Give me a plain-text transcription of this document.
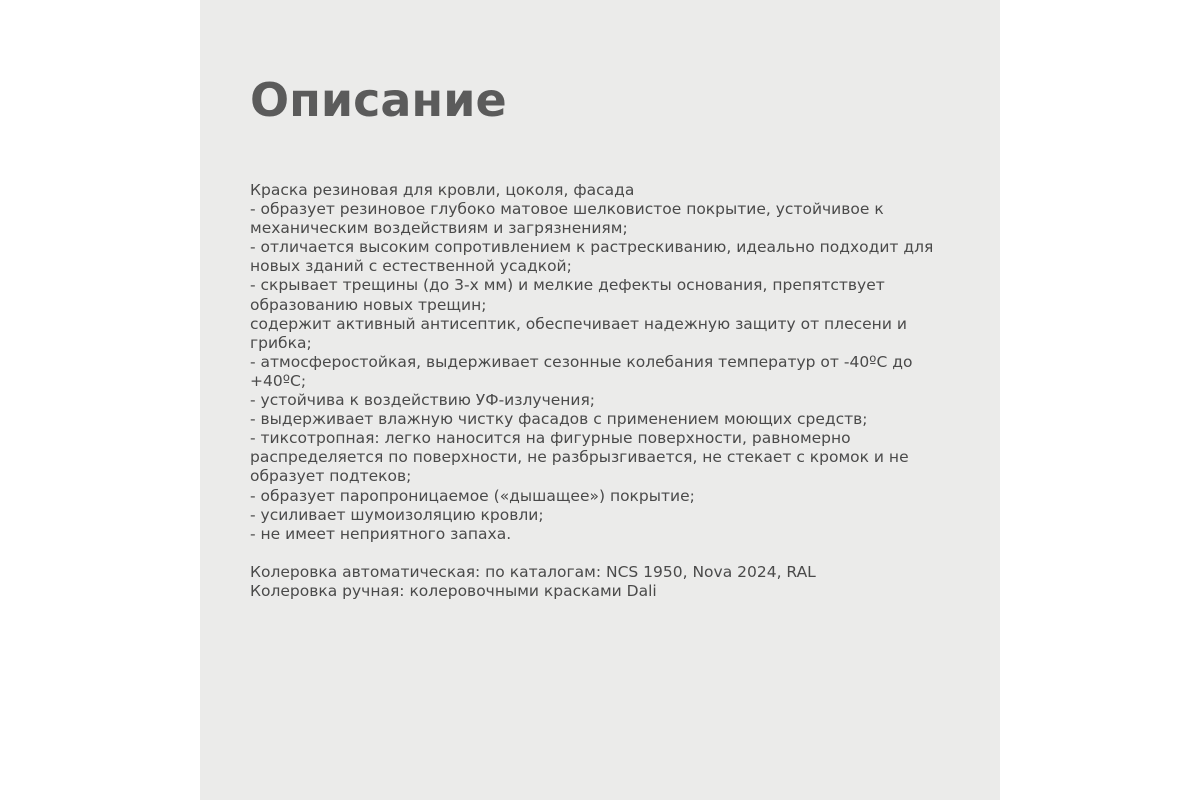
Описание
Краска резиновая для кровли, цоколя, фасада
- образует резиновое глубоко матовое шелковистое покрытие, устойчивое к
механическим воздействиям и загрязнениям;
- отличается высоким сопротивлением к растрескиванию, идеально подходит для
новых зданий с естественной усадкой;
- скрывает трещины (до 3-х мм) и мелкие дефекты основания, препятствует
образованию новых трещин;
содержит активный антисептик, обеспечивает надежную защиту от плесени и
грибка;
- атмосферостойкая, выдерживает сезонные колебания температур от -40ºС до
+40ºС;
- устойчива к воздействию УФ-излучения;
- выдерживает влажную чистку фасадов с применением моющих средств;
- тиксотропная: легко наносится на фигурные поверхности, равномерно
распределяется по поверхности, не разбрызгивается, не стекает с кромок и не
образует подтеков;
- образует паропроницаемое («дышащее») покрытие;
- усиливает шумоизоляцию кровли;
- не имеет неприятного запаха.
Колеровка автоматическая: по каталогам: NCS 1950, Nova 2024, RAL
Колеровка ручная: колеровочными красками Dali
